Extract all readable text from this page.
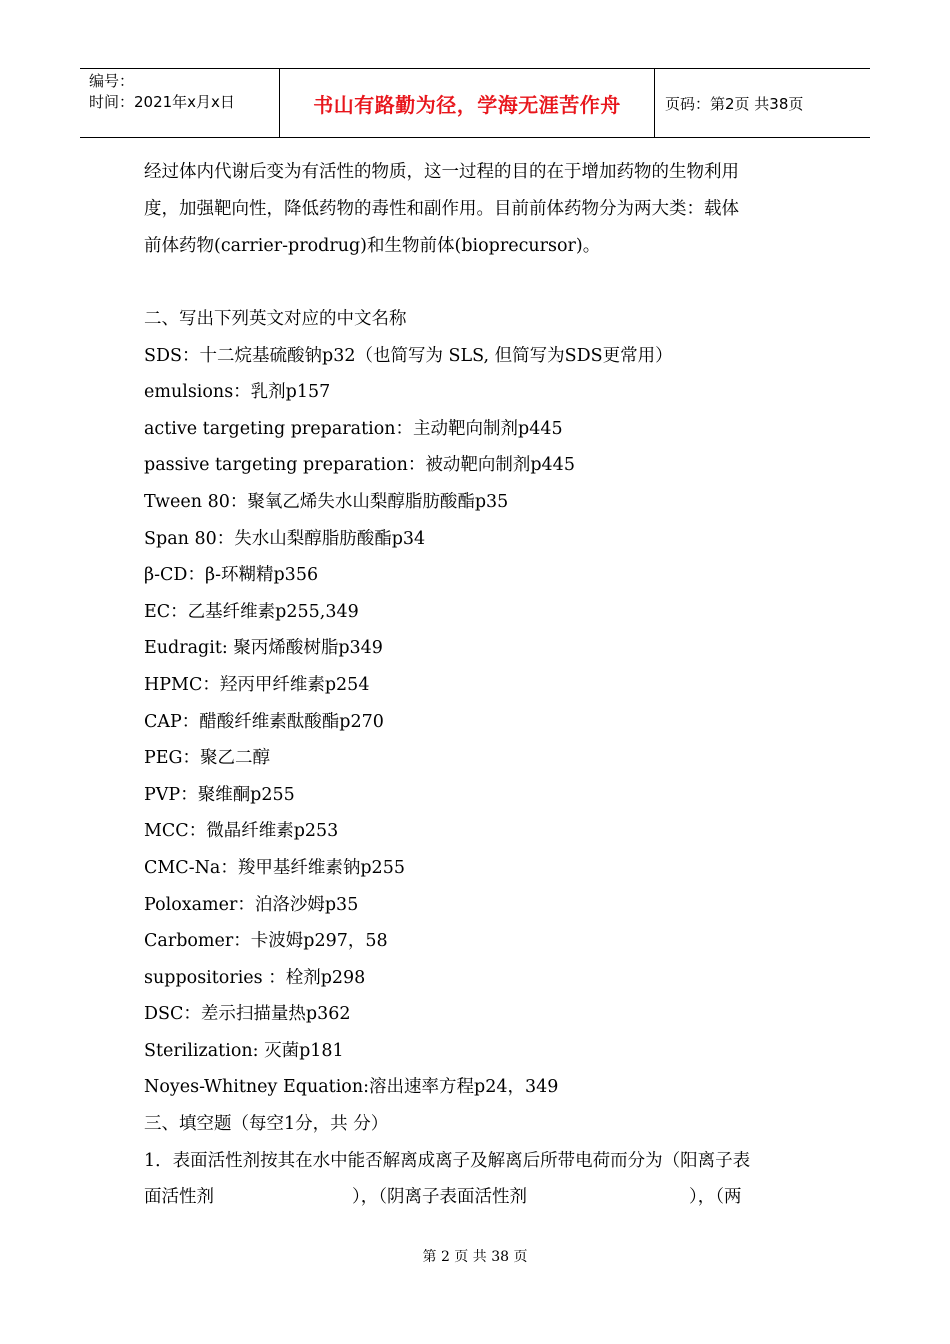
编号：
时间：2021年x月x日	书山有路勤为径，学海无涯苦作舟	页码：第2页 共38页

经过体内代谢后变为有活性的物质，这一过程的目的在于增加药物的生物利用

度，加强靶向性，降低药物的毒性和副作用。目前前体药物分为两大类：载体

前体药物(carrier-prodrug)和生物前体(bioprecursor)。

二、写出下列英文对应的中文名称

SDS：十二烷基硫酸钠p32（也简写为 SLS, 但简写为SDS更常用）

emulsions：乳剂p157

active targeting preparation：主动靶向制剂p445

passive targeting preparation：被动靶向制剂p445

Tween 80：聚氧乙烯失水山梨醇脂肪酸酯p35

Span 80：失水山梨醇脂肪酸酯p34

β-CD：β-环糊精p356

EC：乙基纤维素p255,349

Eudragit: 聚丙烯酸树脂p349

HPMC：羟丙甲纤维素p254

CAP：醋酸纤维素酞酸酯p270

PEG：聚乙二醇

PVP：聚维酮p255

MCC：微晶纤维素p253

CMC-Na：羧甲基纤维素钠p255

Poloxamer：泊洛沙姆p35

Carbomer：卡波姆p297，58

suppositories ：栓剂p298

DSC：差示扫描量热p362

Sterilization: 灭菌p181

Noyes-Whitney Equation:溶出速率方程p24，349

三、填空题（每空1分，共 分）

1．表面活性剂按其在水中能否解离成离子及解离后所带电荷而分为（阳离子表

面活性剂	），（阴离子表面活性剂	），（两

第 2 页 共 38 页
